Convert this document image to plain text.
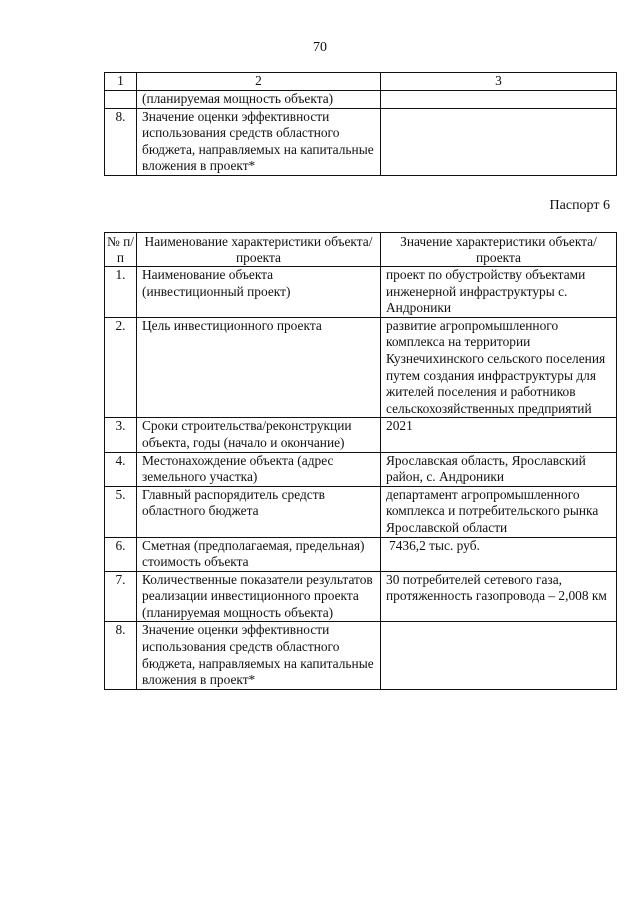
70
1	2	3
	(планируемая мощность объекта)	
8.	Значение оценки эффективности использования средств областного бюджета, направляемых на капитальные вложения в проект*	
Паспорт 6
№ п/п	Наименование характеристики объекта/проекта	Значение характеристики объекта/проекта
1.	Наименование объекта (инвестиционный проект)	проект по обустройству объектами инженерной инфраструктуры с. Андроники
2.	Цель инвестиционного проекта	развитие агропромышленного комплекса на территории Кузнечихинского сельского поселения путем создания инфраструктуры для жителей поселения и работников сельскохозяйственных предприятий
3.	Сроки строительства/реконструкции объекта, годы (начало и окончание)	2021
4.	Местонахождение объекта (адрес земельного участка)	Ярославская область, Ярославский район, с. Андроники
5.	Главный распорядитель средств областного бюджета	департамент агропромышленного комплекса и потребительского рынка Ярославской области
6.	Сметная (предполагаемая, предельная) стоимость объекта	7436,2 тыс. руб.
7.	Количественные показатели результатов реализации инвестиционного проекта (планируемая мощность объекта)	30 потребителей сетевого газа, протяженность газопровода – 2,008 км
8.	Значение оценки эффективности использования средств областного бюджета, направляемых на капитальные вложения в проект*	
